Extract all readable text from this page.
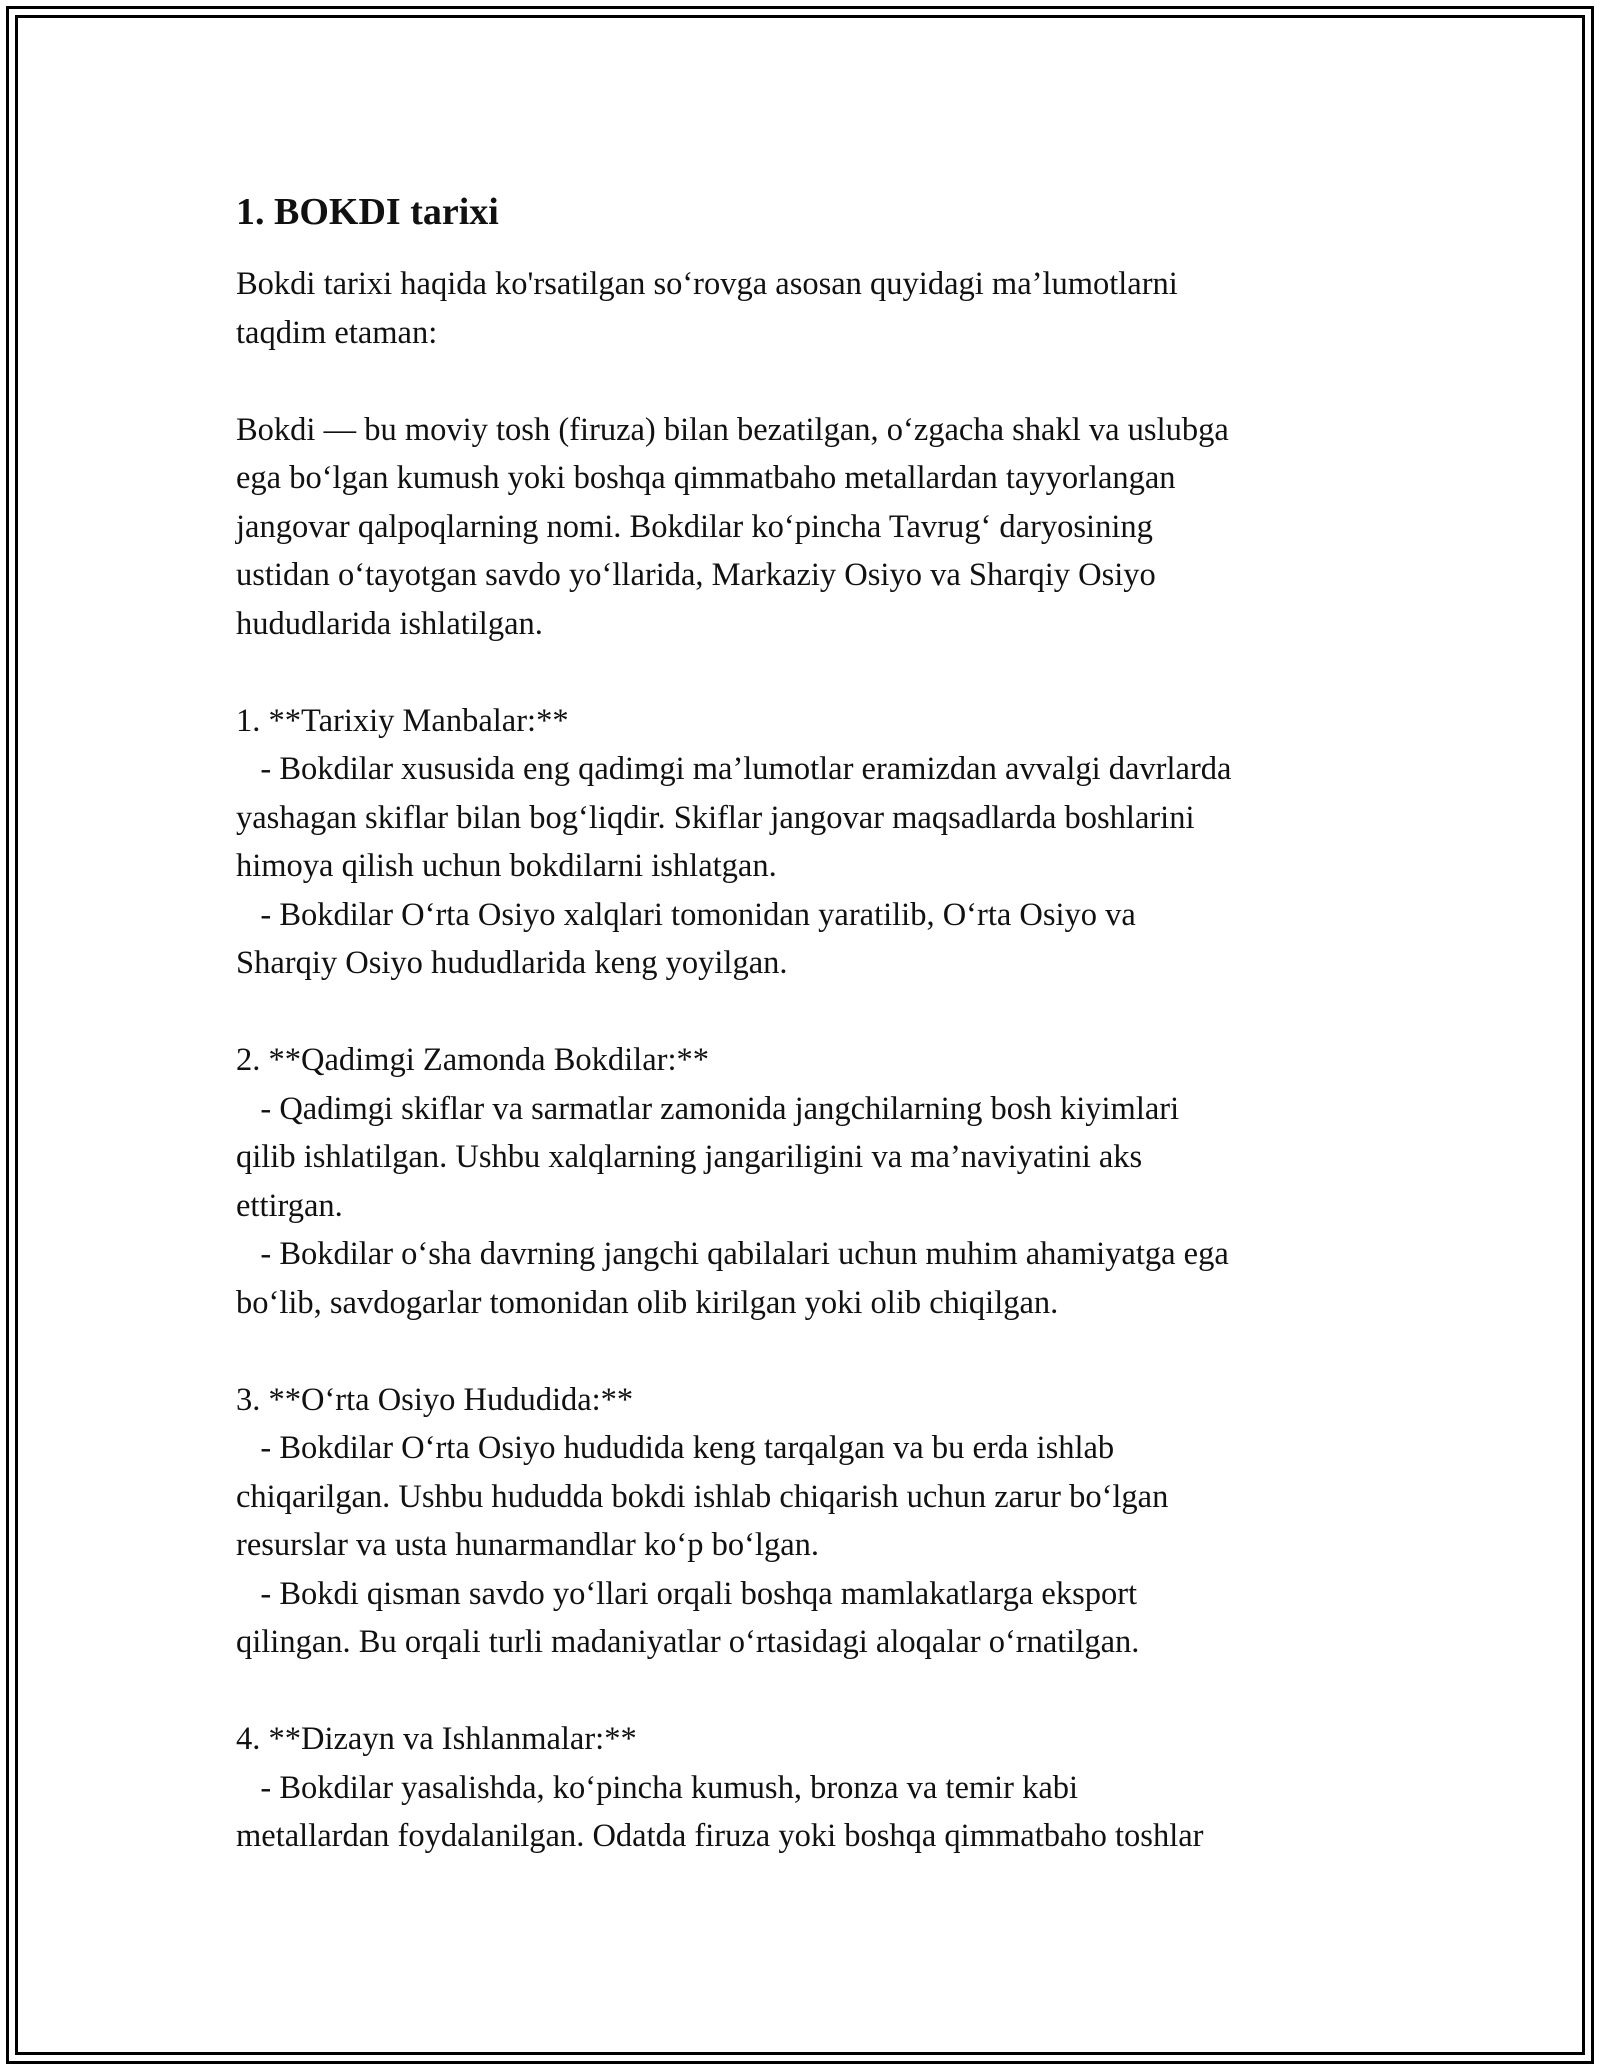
1. BOKDI tarixi

Bokdi tarixi haqida ko'rsatilgan so‘rovga asosan quyidagi ma’lumotlarni
taqdim etaman:

Bokdi — bu moviy tosh (firuza) bilan bezatilgan, o‘zgacha shakl va uslubga
ega bo‘lgan kumush yoki boshqa qimmatbaho metallardan tayyorlangan
jangovar qalpoqlarning nomi. Bokdilar ko‘pincha Tavrug‘ daryosining
ustidan o‘tayotgan savdo yo‘llarida, Markaziy Osiyo va Sharqiy Osiyo
hududlarida ishlatilgan.

1. **Tarixiy Manbalar:**

- Bokdilar xususida eng qadimgi ma’lumotlar eramizdan avvalgi davrlarda
yashagan skiflar bilan bog‘liqdir. Skiflar jangovar maqsadlarda boshlarini
himoya qilish uchun bokdilarni ishlatgan.

- Bokdilar O‘rta Osiyo xalqlari tomonidan yaratilib, O‘rta Osiyo va
Sharqiy Osiyo hududlarida keng yoyilgan.

2. **Qadimgi Zamonda Bokdilar:**

- Qadimgi skiflar va sarmatlar zamonida jangchilarning bosh kiyimlari
qilib ishlatilgan. Ushbu xalqlarning jangariligini va ma’naviyatini aks
ettirgan.

- Bokdilar o‘sha davrning jangchi qabilalari uchun muhim ahamiyatga ega
bo‘lib, savdogarlar tomonidan olib kirilgan yoki olib chiqilgan.

3. **O‘rta Osiyo Hududida:**

- Bokdilar O‘rta Osiyo hududida keng tarqalgan va bu erda ishlab
chiqarilgan. Ushbu hududda bokdi ishlab chiqarish uchun zarur bo‘lgan
resurslar va usta hunarmandlar ko‘p bo‘lgan.

- Bokdi qisman savdo yo‘llari orqali boshqa mamlakatlarga eksport
qilingan. Bu orqali turli madaniyatlar o‘rtasidagi aloqalar o‘rnatilgan.

4. **Dizayn va Ishlanmalar:**

- Bokdilar yasalishda, ko‘pincha kumush, bronza va temir kabi
metallardan foydalanilgan. Odatda firuza yoki boshqa qimmatbaho toshlar
